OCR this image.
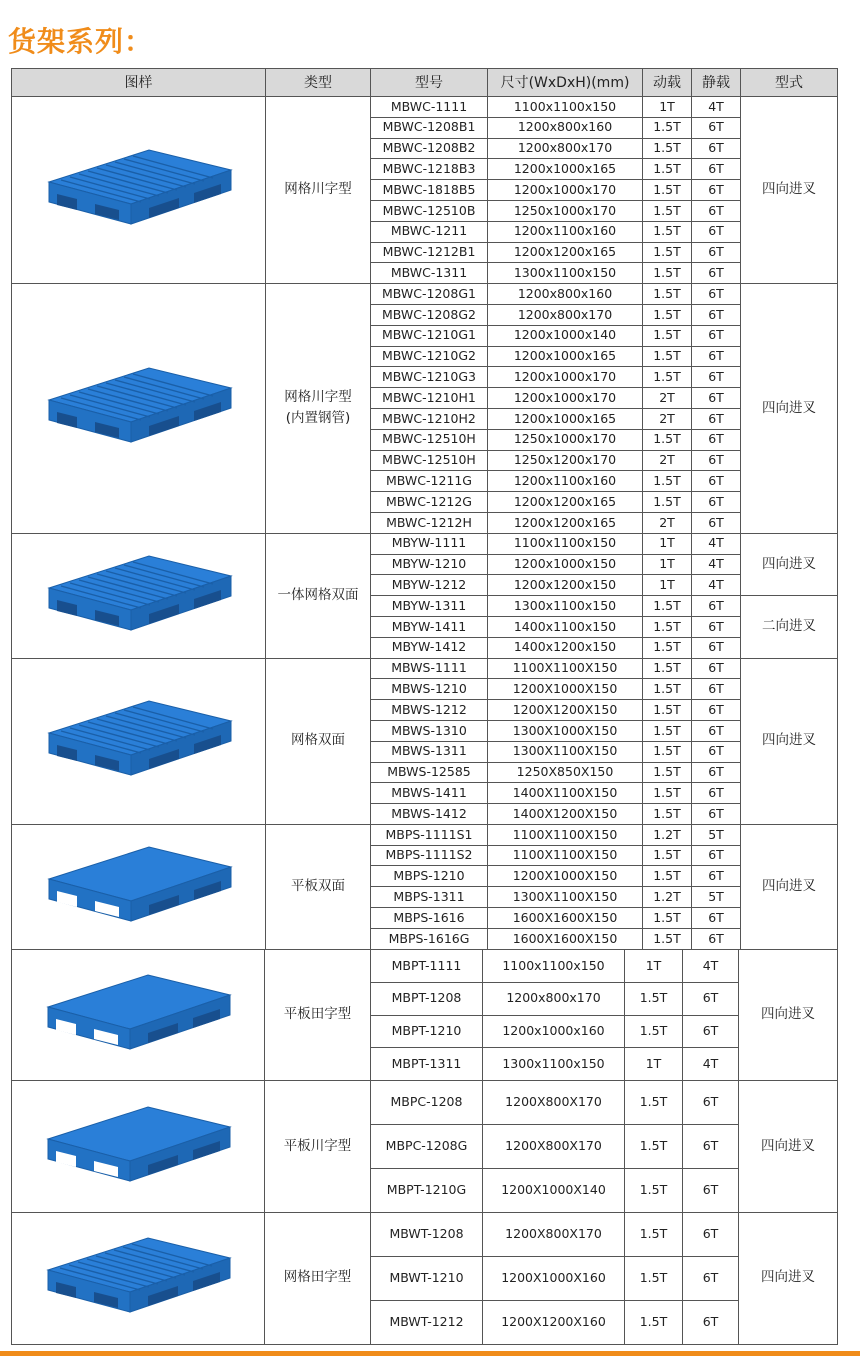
货架系列：
图样	类型	型号	尺寸(WxDxH)(mm)	动载	静载	型式

网格川字型	MBWC-1111	1100x1100x150	1T	4T	四向进叉
		MBWC-1208B1	1200x800x160	1.5T	6T	
		MBWC-1208B2	1200x800x170	1.5T	6T	
		MBWC-1218B3	1200x1000x165	1.5T	6T	
		MBWC-1818B5	1200x1000x170	1.5T	6T	
		MBWC-12510B	1250x1000x170	1.5T	6T	
		MBWC-1211	1200x1100x160	1.5T	6T	
		MBWC-1212B1	1200x1200x165	1.5T	6T	
		MBWC-1311	1300x1100x150	1.5T	6T	

网格川字型
(内置钢管)	MBWC-1208G1	1200x800x160	1.5T	6T	四向进叉
		MBWC-1208G2	1200x800x170	1.5T	6T	
		MBWC-1210G1	1200x1000x140	1.5T	6T	
		MBWC-1210G2	1200x1000x165	1.5T	6T	
		MBWC-1210G3	1200x1000x170	1.5T	6T	
		MBWC-1210H1	1200x1000x170	2T	6T	
		MBWC-1210H2	1200x1000x165	2T	6T	
		MBWC-12510H	1250x1000x170	1.5T	6T	
		MBWC-12510H	1250x1200x170	2T	6T	
		MBWC-1211G	1200x1100x160	1.5T	6T	
		MBWC-1212G	1200x1200x165	1.5T	6T	
		MBWC-1212H	1200x1200x165	2T	6T	

一体网格双面	MBYW-1111	1100x1100x150	1T	4T	四向进叉
		MBYW-1210	1200x1000x150	1T	4T	
		MBYW-1212	1200x1200x150	1T	4T	
		MBYW-1311	1300x1100x150	1.5T	6T	二向进叉
		MBYW-1411	1400x1100x150	1.5T	6T	
		MBYW-1412	1400x1200x150	1.5T	6T	

网格双面	MBWS-1111	1100X1100X150	1.5T	6T	四向进叉
		MBWS-1210	1200X1000X150	1.5T	6T	
		MBWS-1212	1200X1200X150	1.5T	6T	
		MBWS-1310	1300X1000X150	1.5T	6T	
		MBWS-1311	1300X1100X150	1.5T	6T	
		MBWS-12585	1250X850X150	1.5T	6T	
		MBWS-1411	1400X1100X150	1.5T	6T	
		MBWS-1412	1400X1200X150	1.5T	6T	

平板双面	MBPS-1111S1	1100X1100X150	1.2T	5T	四向进叉
		MBPS-1111S2	1100X1100X150	1.5T	6T	
		MBPS-1210	1200X1000X150	1.5T	6T	
		MBPS-1311	1300X1100X150	1.2T	5T	
		MBPS-1616	1600X1600X150	1.5T	6T	
		MBPS-1616G	1600X1600X150	1.5T	6T	

平板田字型	MBPT-1111	1100x1100x150	1T	4T	四向进叉
		MBPT-1208	1200x800x170	1.5T	6T	
		MBPT-1210	1200x1000x160	1.5T	6T	
		MBPT-1311	1300x1100x150	1T	4T	

平板川字型	MBPC-1208	1200X800X170	1.5T	6T	四向进叉
		MBPC-1208G	1200X800X170	1.5T	6T	
		MBPT-1210G	1200X1000X140	1.5T	6T	

网格田字型	MBWT-1208	1200X800X170	1.5T	6T	四向进叉
		MBWT-1210	1200X1000X160	1.5T	6T	
		MBWT-1212	1200X1200X160	1.5T	6T	
